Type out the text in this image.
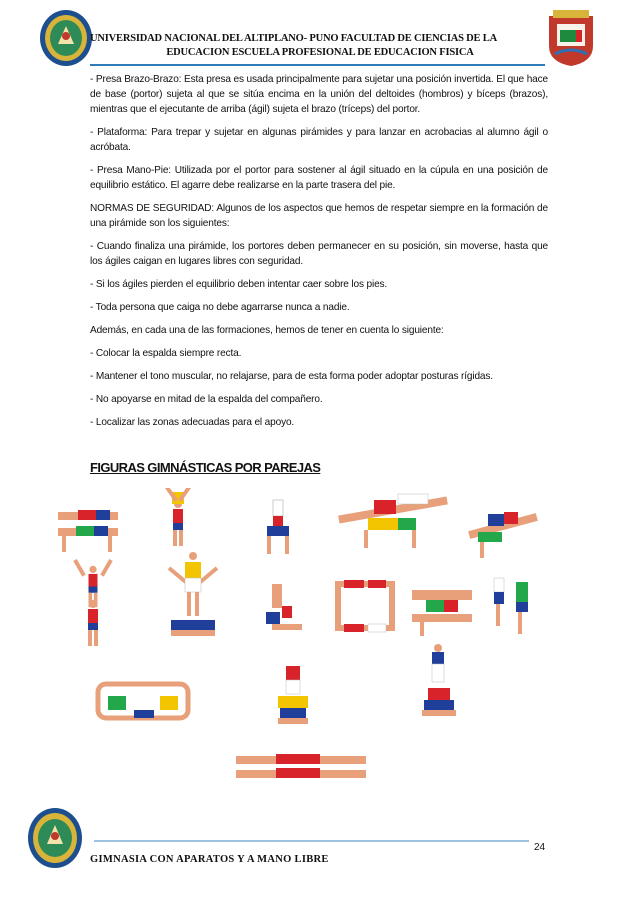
UNIVERSIDAD NACIONAL DEL ALTIPLANO- PUNO FACULTAD DE CIENCIAS DE LA
EDUCACION ESCUELA PROFESIONAL DE EDUCACION FISICA

- Presa Brazo-Brazo: Esta presa es usada principalmente para sujetar una posición invertida. El que hace de base (portor) sujeta al que se sitúa encima en la unión del deltoides (hombros) y bíceps (brazos), mientras que el ejecutante de arriba (ágil) sujeta el brazo (tríceps) del portor.

- Plataforma: Para trepar y sujetar en algunas pirámides y para lanzar en acrobacias al alumno ágil o acróbata.

- Presa Mano-Pie: Utilizada por el portor para sostener al ágil situado en la cúpula en una posición de equilibrio estático. El agarre debe realizarse en la parte trasera del pie.

NORMAS DE SEGURIDAD: Algunos de los aspectos que hemos de respetar siempre en la formación de una pirámide son los siguientes:

- Cuando finaliza una pirámide, los portores deben permanecer en su posición, sin moverse, hasta que los ágiles caigan en lugares libres con seguridad.

- Si los ágiles pierden el equilibrio deben intentar caer sobre los pies.

- Toda persona que caiga no debe agarrarse nunca a nadie.

Además, en cada una de las formaciones, hemos de tener en cuenta lo siguiente:

- Colocar la espalda siempre recta.

- Mantener el tono muscular, no relajarse, para de esta forma poder adoptar posturas rígidas.

- No apoyarse en mitad de la espalda del compañero.

- Localizar las zonas adecuadas para el apoyo.

FIGURAS GIMNÁSTICAS POR PAREJAS
24
GIMNASIA CON APARATOS Y A MANO LIBRE
